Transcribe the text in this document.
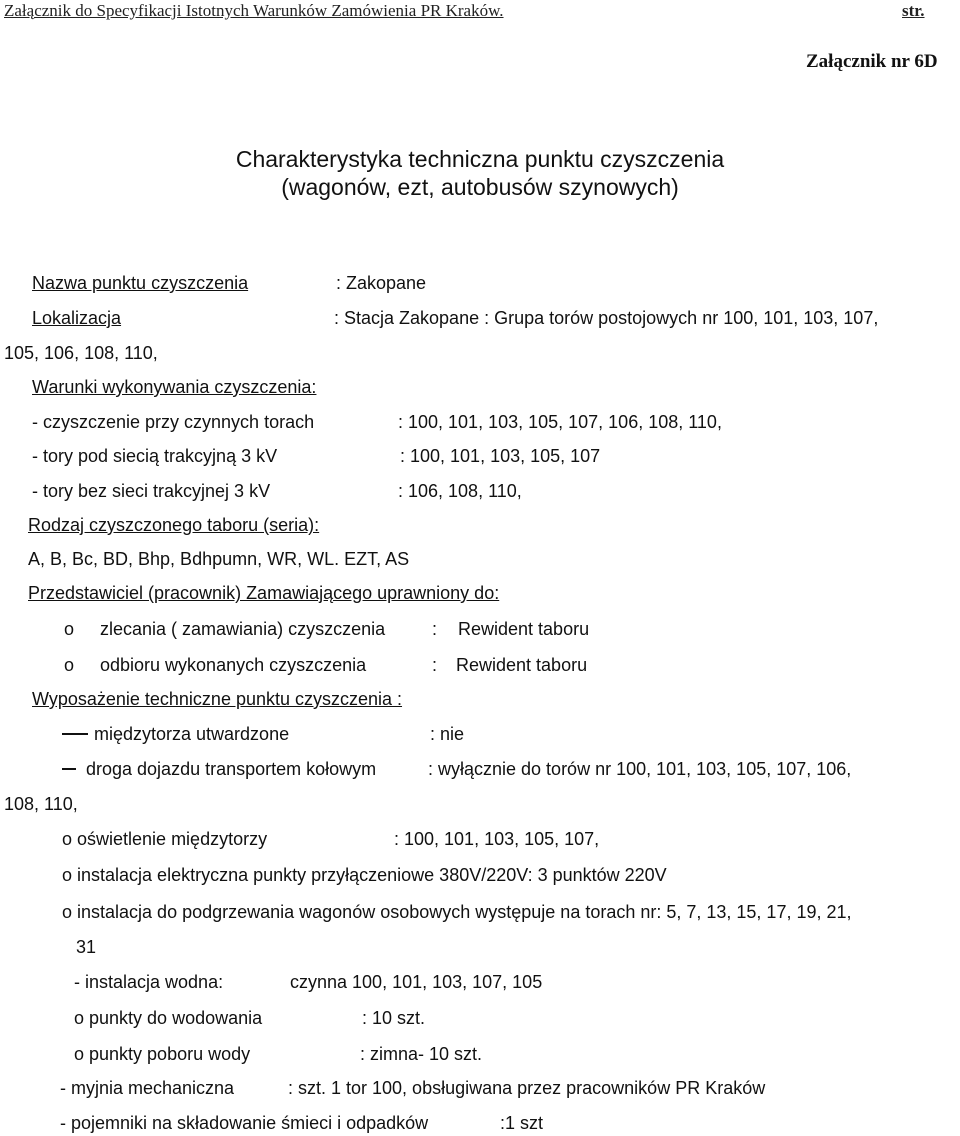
Załącznik do Specyfikacji Istotnych Warunków Zamówienia PR Kraków.	str.
Załącznik nr 6D
Charakterystyka techniczna punktu czyszczenia
(wagonów, ezt, autobusów szynowych)
Nazwa punktu czyszczenia	: Zakopane
Lokalizacja	: Stacja Zakopane : Grupa torów postojowych nr 100, 101, 103, 107,
105, 106, 108, 110,
Warunki wykonywania czyszczenia:
- czyszczenie przy czynnych torach	: 100, 101, 103, 105, 107, 106, 108, 110,
- tory pod siecią trakcyjną 3 kV	: 100, 101, 103, 105, 107
- tory bez sieci trakcyjnej 3 kV	: 106, 108, 110,
Rodzaj czyszczonego taboru (seria):
A, B, Bc, BD, Bhp, Bdhpumn, WR, WL. EZT, AS
Przedstawiciel (pracownik) Zamawiającego uprawniony do:
o zlecania ( zamawiania) czyszczenia	: Rewident taboru
o odbioru wykonanych czyszczenia	: Rewident taboru
Wyposażenie techniczne punktu czyszczenia :
międzytorza utwardzone	: nie
droga dojazdu transportem kołowym	: wyłącznie do torów nr 100, 101, 103, 105, 107, 106,
108, 110,
o oświetlenie międzytorzy	: 100, 101, 103, 105, 107,
o instalacja elektryczna punkty przyłączeniowe 380V/220V: 3 punktów 220V
o instalacja do podgrzewania wagonów osobowych występuje na torach nr: 5, 7, 13, 15, 17, 19, 21,
31
- instalacja wodna:	czynna 100, 101, 103, 107, 105
o punkty do wodowania	: 10 szt.
o punkty poboru wody	: zimna- 10 szt.
- myjnia mechaniczna	: szt. 1 tor 100, obsługiwana przez pracowników PR Kraków
- pojemniki na składowanie śmieci i odpadków	:1 szt
